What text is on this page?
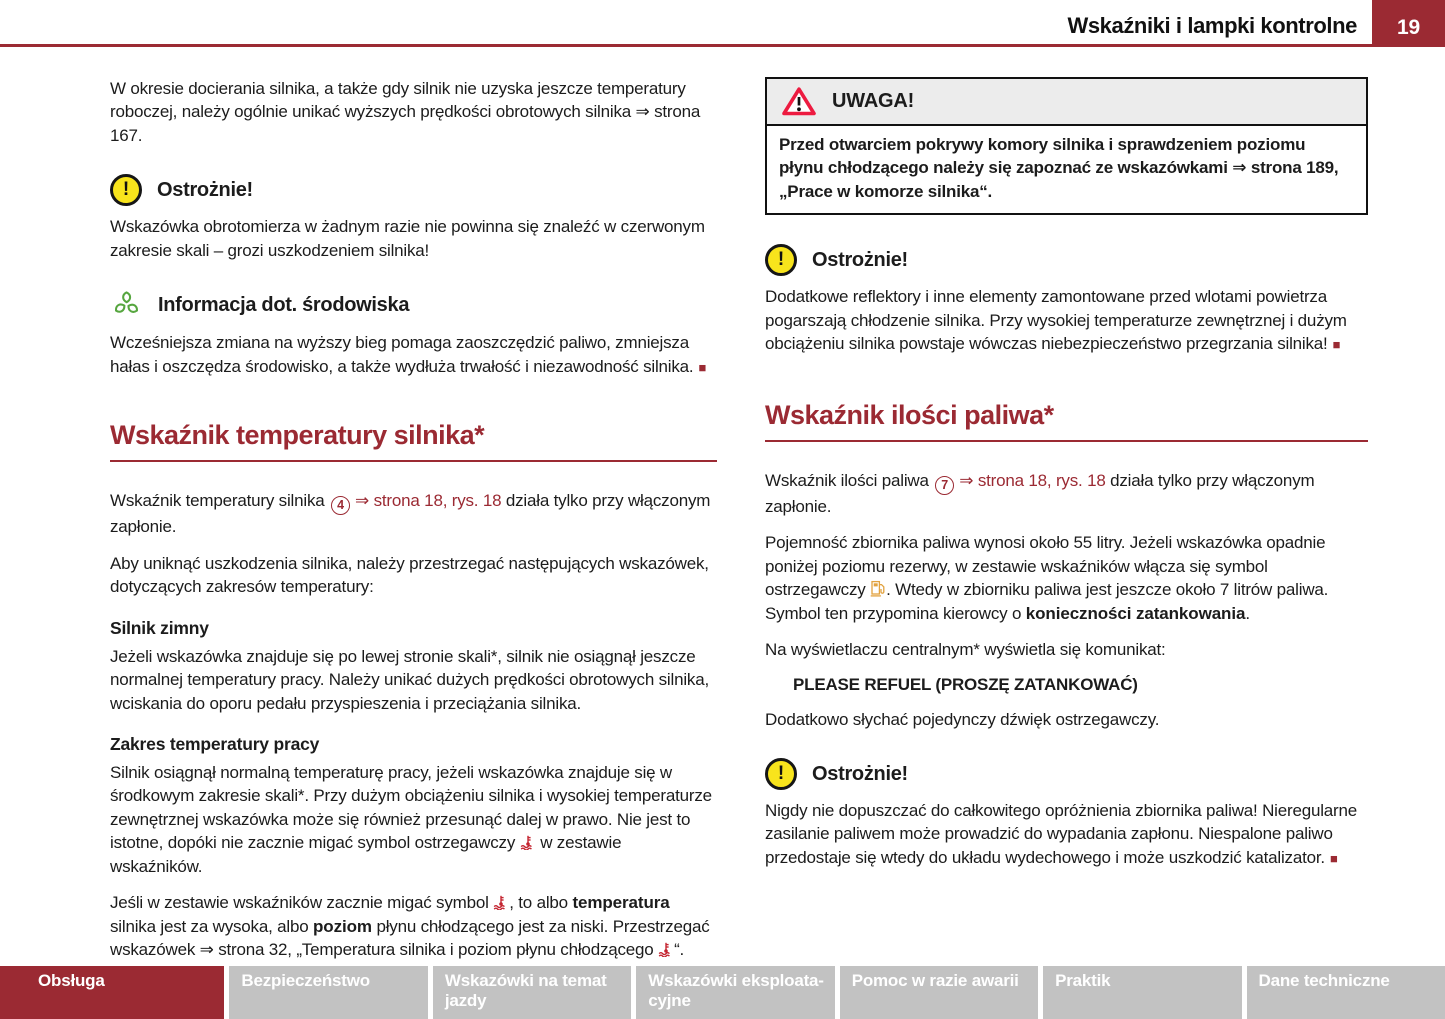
Wskaźniki i lampki kontrolne	19

W okresie docierania silnika, a także gdy silnik nie uzyska jeszcze temperatury roboczej, należy ogólnie unikać wyższych prędkości obrotowych silnika ⇒ strona 167.

!
Ostrożnie!

Wskazówka obrotomierza w żadnym razie nie powinna się znaleźć w czerwonym zakresie skali – grozi uszkodzeniem silnika!

Informacja dot. środowiska

Wcześniejsza zmiana na wyższy bieg pomaga zaoszczędzić paliwo, zmniejsza hałas i oszczędza środowisko, a także wydłuża trwałość i niezawodność silnika. ■

Wskaźnik temperatury silnika*

Wskaźnik temperatury silnika 4 ⇒ strona 18, rys. 18 działa tylko przy włączonym zapłonie.

Aby uniknąć uszkodzenia silnika, należy przestrzegać następujących wskazówek, dotyczących zakresów temperatury:

Silnik zimny

Jeżeli wskazówka znajduje się po lewej stronie skali*, silnik nie osiągnął jeszcze normalnej temperatury pracy. Należy unikać dużych prędkości obrotowych silnika, wciskania do oporu pedału przyspieszenia i przeciążania silnika.

Zakres temperatury pracy

Silnik osiągnął normalną temperaturę pracy, jeżeli wskazówka znajduje się w środkowym zakresie skali*. Przy dużym obciążeniu silnika i wysokiej temperaturze zewnętrznej wskazówka może się również przesunąć dalej w prawo. Nie jest to istotne, dopóki nie zacznie migać symbol ostrzegawczy  w zestawie wskaźników.

Jeśli w zestawie wskaźników zacznie migać symbol , to albo temperatura silnika jest za wysoka, albo poziom płynu chłodzącego jest za niski. Przestrzegać wskazówek ⇒ strona 32, „Temperatura silnika i poziom płynu chłodzącego “.

UWAGA!
Przed otwarciem pokrywy komory silnika i sprawdzeniem poziomu płynu chłodzącego należy się zapoznać ze wskazówkami ⇒ strona 189, „Prace w komorze silnika“.
!
Ostrożnie!

Dodatkowe reflektory i inne elementy zamontowane przed wlotami powietrza pogarszają chłodzenie silnika. Przy wysokiej temperaturze zewnętrznej i dużym obciążeniu silnika powstaje wówczas niebezpieczeństwo przegrzania silnika! ■

Wskaźnik ilości paliwa*

Wskaźnik ilości paliwa 7 ⇒ strona 18, rys. 18 działa tylko przy włączonym zapłonie.

Pojemność zbiornika paliwa wynosi około 55 litry. Jeżeli wskazówka opadnie poniżej poziomu rezerwy, w zestawie wskaźników włącza się symbol ostrzegawczy . Wtedy w zbiorniku paliwa jest jeszcze około 7 litrów paliwa. Symbol ten przypomina kierowcy o konieczności zatankowania.

Na wyświetlaczu centralnym* wyświetla się komunikat:

PLEASE REFUEL (PROSZĘ ZATANKOWAĆ)

Dodatkowo słychać pojedynczy dźwięk ostrzegawczy.

!
Ostrożnie!

Nigdy nie dopuszczać do całkowitego opróżnienia zbiornika paliwa! Nieregularne zasilanie paliwem może prowadzić do wypadania zapłonu. Niespalone paliwo przedostaje się wtedy do układu wydechowego i może uszkodzić katalizator. ■

Obsługa	Bezpieczeństwo	Wskazówki na temat
jazdy
Wskazówki eksploata-
cyjne
Pomoc w razie awarii	Praktik	Dane techniczne
